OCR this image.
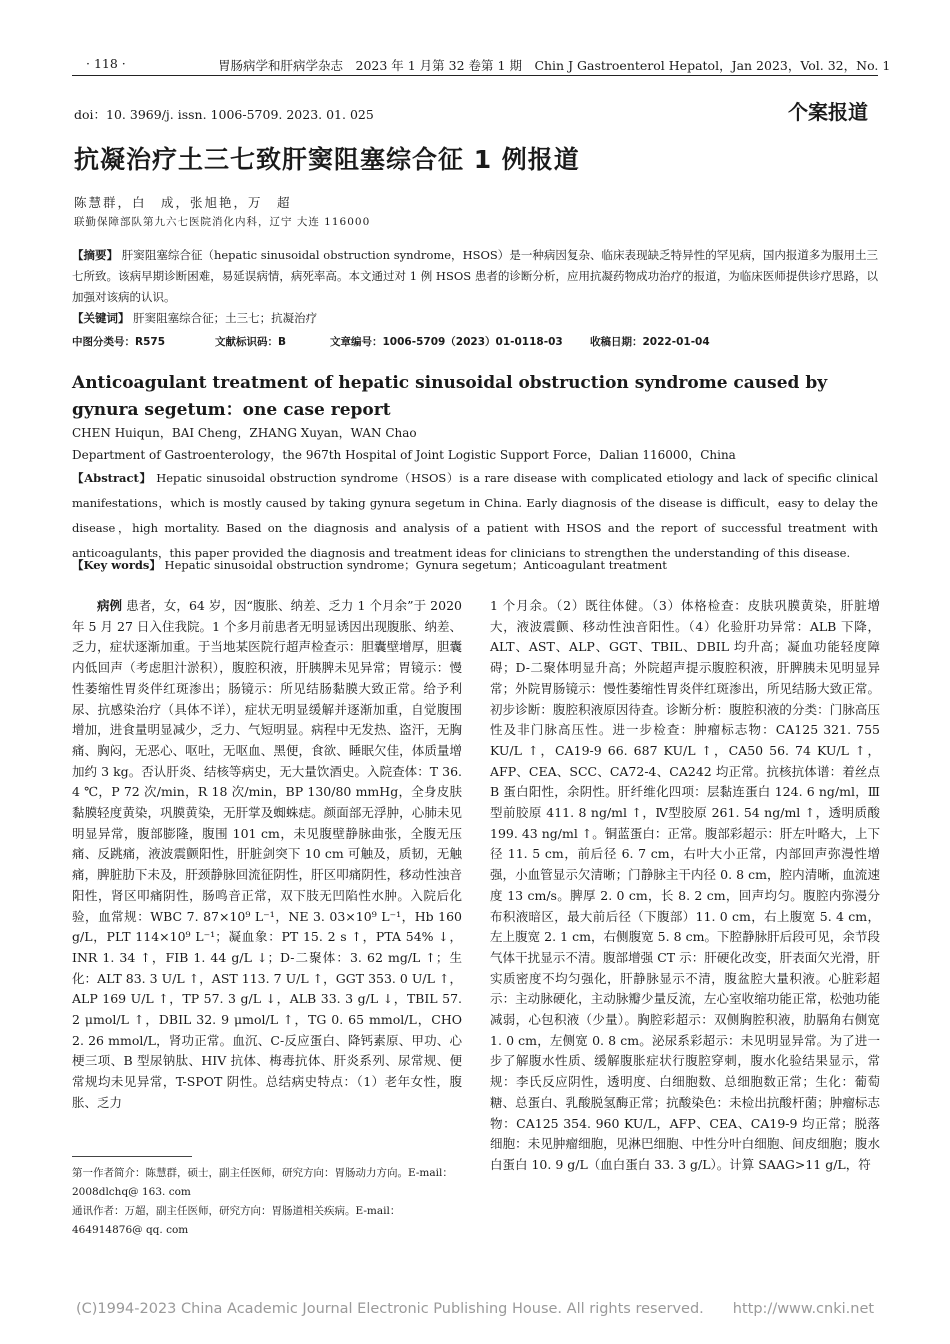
· 118 ·	胃肠病学和肝病学杂志　2023 年 1 月第 32 卷第 1 期　Chin J Gastroenterol Hepatol，Jan 2023，Vol. 32，No. 1
doi：10. 3969/j. issn. 1006-5709. 2023. 01. 025	个案报道
抗凝治疗土三七致肝窦阻塞综合征 1 例报道
陈慧群，白　成，张旭艳，万　超
联勤保障部队第九六七医院消化内科，辽宁 大连 116000
【摘要】 肝窦阻塞综合征（hepatic sinusoidal obstruction syndrome，HSOS）是一种病因复杂、临床表现缺乏特异性的罕见病，国内报道多为服用土三七所致。该病早期诊断困难，易延误病情，病死率高。本文通过对 1 例 HSOS 患者的诊断分析，应用抗凝药物成功治疗的报道，为临床医师提供诊疗思路，以加强对该病的认识。
【关键词】 肝窦阻塞综合征；土三七；抗凝治疗
中图分类号：R575	文献标识码：B	文章编号：1006-5709（2023）01-0118-03	收稿日期：2022-01-04
Anticoagulant treatment of hepatic sinusoidal obstruction syndrome caused by gynura segetum：one case report
CHEN Huiqun，BAI Cheng，ZHANG Xuyan，WAN Chao
Department of Gastroenterology，the 967th Hospital of Joint Logistic Support Force，Dalian 116000，China
【Abstract】 Hepatic sinusoidal obstruction syndrome（HSOS）is a rare disease with complicated etiology and lack of specific clinical manifestations，which is mostly caused by taking gynura segetum in China. Early diagnosis of the disease is difficult，easy to delay the disease，high mortality. Based on the diagnosis and analysis of a patient with HSOS and the report of successful treatment with anticoagulants，this paper provided the diagnosis and treatment ideas for clinicians to strengthen the understanding of this disease.
【Key words】 Hepatic sinusoidal obstruction syndrome；Gynura segetum；Anticoagulant treatment
病例 患者，女，64 岁，因“腹胀、纳差、乏力 1 个月余”于 2020 年 5 月 27 日入住我院。1 个多月前患者无明显诱因出现腹胀、纳差、乏力，症状逐渐加重。于当地某医院行超声检查示：胆囊壁增厚，胆囊内低回声（考虑胆汁淤积），腹腔积液，肝胰脾未见异常；胃镜示：慢性萎缩性胃炎伴红斑渗出；肠镜示：所见结肠黏膜大致正常。给予利尿、抗感染治疗（具体不详），症状无明显缓解并逐渐加重，自觉腹围增加，进食量明显减少，乏力、气短明显。病程中无发热、盗汗，无胸痛、胸闷，无恶心、呕吐，无呕血、黑便，食欲、睡眠欠佳，体质量增加约 3 kg。否认肝炎、结核等病史，无大量饮酒史。入院查体：T 36. 4 ℃，P 72 次/min，R 18 次/min，BP 130/80 mmHg，全身皮肤黏膜轻度黄染，巩膜黄染，无肝掌及蜘蛛痣。颜面部无浮肿，心肺未见明显异常，腹部膨隆，腹围 101 cm，未见腹壁静脉曲张，全腹无压痛、反跳痛，液波震颤阳性，肝脏剑突下 10 cm 可触及，质韧，无触痛，脾脏肋下未及，肝颈静脉回流征阴性，肝区叩痛阴性，移动性浊音阳性，肾区叩痛阴性，肠鸣音正常，双下肢无凹陷性水肿。入院后化验，血常规：WBC 7. 87×10⁹ L⁻¹，NE 3. 03×10⁹ L⁻¹，Hb 160 g/L，PLT 114×10⁹ L⁻¹；凝血象：PT 15. 2 s ↑，PTA 54% ↓，INR 1. 34 ↑，FIB 1. 44 g/L ↓；D-二聚体：3. 62 mg/L ↑；生化：ALT 83. 3 U/L ↑，AST 113. 7 U/L ↑，GGT 353. 0 U/L ↑，ALP 169 U/L ↑，TP 57. 3 g/L ↓，ALB 33. 3 g/L ↓，TBIL 57. 2 μmol/L ↑，DBIL 32. 9 μmol/L ↑，TG 0. 65 mmol/L，CHO 2. 26 mmol/L，肾功正常。血沉、C-反应蛋白、降钙素原、甲功、心梗三项、B 型尿钠肽、HIV 抗体、梅毒抗体、肝炎系列、尿常规、便常规均未见异常，T-SPOT 阴性。总结病史特点：（1）老年女性，腹胀、乏力
1 个月余。（2）既往体健。（3）体格检查：皮肤巩膜黄染，肝脏增大，液波震颤、移动性浊音阳性。（4）化验肝功异常：ALB 下降，ALT、AST、ALP、GGT、TBIL、DBIL 均升高；凝血功能轻度障碍；D-二聚体明显升高；外院超声提示腹腔积液，肝脾胰未见明显异常；外院胃肠镜示：慢性萎缩性胃炎伴红斑渗出，所见结肠大致正常。初步诊断：腹腔积液原因待查。诊断分析：腹腔积液的分类：门脉高压性及非门脉高压性。进一步检查：肿瘤标志物：CA125 321. 755 KU/L ↑，CA19-9 66. 687 KU/L ↑，CA50 56. 74 KU/L ↑，AFP、CEA、SCC、CA72-4、CA242 均正常。抗核抗体谱：着丝点 B 蛋白阳性，余阴性。肝纤维化四项：层黏连蛋白 124. 6 ng/ml，Ⅲ型前胶原 411. 8 ng/ml ↑，Ⅳ型胶原 261. 54 ng/ml ↑，透明质酸 199. 43 ng/ml ↑。铜蓝蛋白：正常。腹部彩超示：肝左叶略大，上下径 11. 5 cm，前后径 6. 7 cm，右叶大小正常，内部回声弥漫性增强，小血管显示欠清晰；门静脉主干内径 0. 8 cm，腔内清晰，血流速度 13 cm/s。脾厚 2. 0 cm，长 8. 2 cm，回声均匀。腹腔内弥漫分布积液暗区，最大前后径（下腹部）11. 0 cm，右上腹宽 5. 4 cm，左上腹宽 2. 1 cm，右侧腹宽 5. 8 cm。下腔静脉肝后段可见，余节段气体干扰显示不清。腹部增强 CT 示：肝硬化改变，肝表面欠光滑，肝实质密度不均匀强化，肝静脉显示不清，腹盆腔大量积液。心脏彩超示：主动脉硬化，主动脉瓣少量反流，左心室收缩功能正常，松弛功能减弱，心包积液（少量）。胸腔彩超示：双侧胸腔积液，肋膈角右侧宽 1. 0 cm，左侧宽 0. 8 cm。泌尿系彩超示：未见明显异常。为了进一步了解腹水性质、缓解腹胀症状行腹腔穿刺，腹水化验结果显示，常规：李氏反应阴性，透明度、白细胞数、总细胞数正常；生化：葡萄糖、总蛋白、乳酸脱氢酶正常；抗酸染色：未检出抗酸杆菌；肿瘤标志物：CA125 354. 960 KU/L，AFP、CEA、CA19-9 均正常；脱落细胞：未见肿瘤细胞，见淋巴细胞、中性分叶白细胞、间皮细胞；腹水白蛋白 10. 9 g/L（血白蛋白 33. 3 g/L）。计算 SAAG>11 g/L，符
第一作者简介：陈慧群，硕士，副主任医师，研究方向：胃肠动力方向。E-mail：2008dlchq@ 163. com
通讯作者：万超，副主任医师，研究方向：胃肠道相关疾病。E-mail：464914876@ qq. com
(C)1994-2023 China Academic Journal Electronic Publishing House. All rights reserved.　　http://www.cnki.net
